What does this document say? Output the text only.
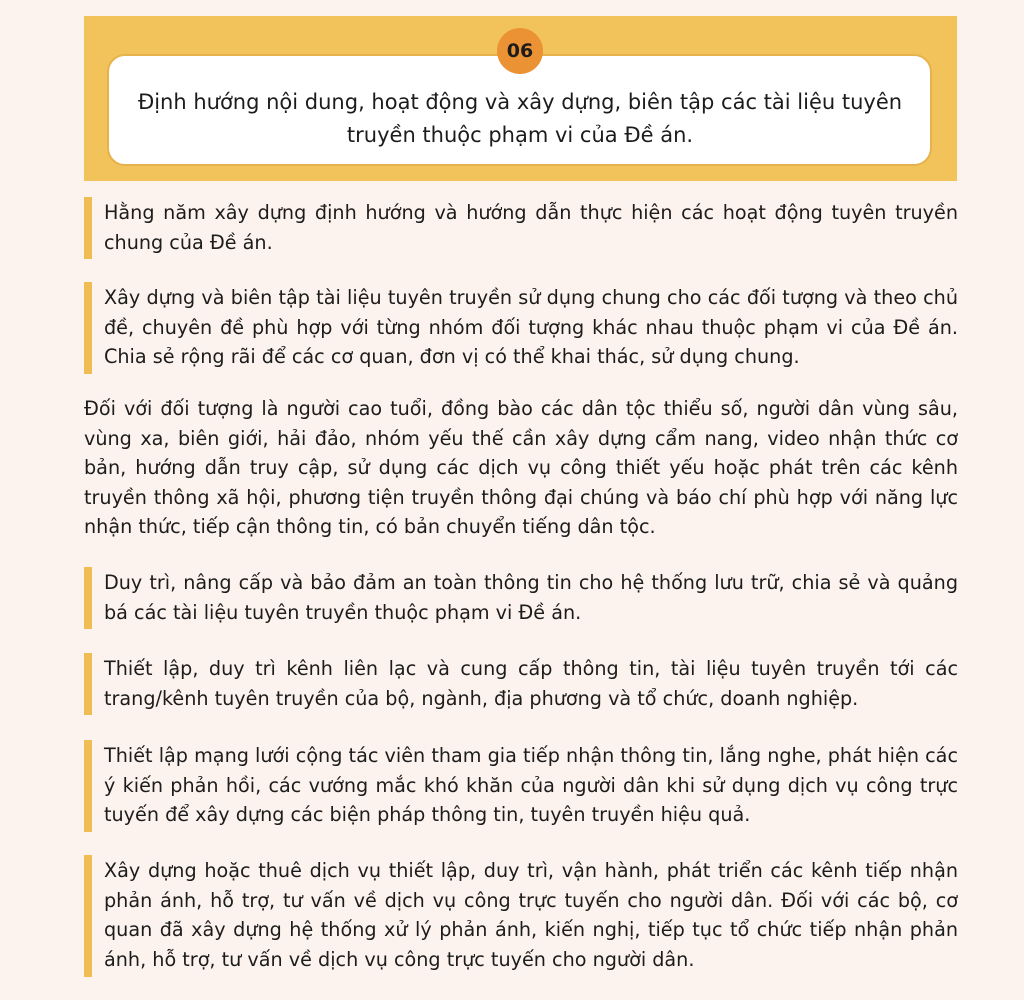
06
Định hướng nội dung, hoạt động và xây dựng, biên tập các tài liệu tuyên
truyền thuộc phạm vi của Đề án.
Hằng năm xây dựng định hướng và hướng dẫn thực hiện các hoạt động tuyên truyền chung của Đề án.
Xây dựng và biên tập tài liệu tuyên truyền sử dụng chung cho các đối tượng và theo chủ đề, chuyên đề phù hợp với từng nhóm đối tượng khác nhau thuộc phạm vi của Đề án. Chia sẻ rộng rãi để các cơ quan, đơn vị có thể khai thác, sử dụng chung.
Đối với đối tượng là người cao tuổi, đồng bào các dân tộc thiểu số, người dân vùng sâu, vùng xa, biên giới, hải đảo, nhóm yếu thế cần xây dựng cẩm nang, video nhận thức cơ bản, hướng dẫn truy cập, sử dụng các dịch vụ công thiết yếu hoặc phát trên các kênh truyền thông xã hội, phương tiện truyền thông đại chúng và báo chí phù hợp với năng lực nhận thức, tiếp cận thông tin, có bản chuyển tiếng dân tộc.
Duy trì, nâng cấp và bảo đảm an toàn thông tin cho hệ thống lưu trữ, chia sẻ và quảng bá các tài liệu tuyên truyền thuộc phạm vi Đề án.
Thiết lập, duy trì kênh liên lạc và cung cấp thông tin, tài liệu tuyên truyền tới các trang/kênh tuyên truyền của bộ, ngành, địa phương và tổ chức, doanh nghiệp.
Thiết lập mạng lưới cộng tác viên tham gia tiếp nhận thông tin, lắng nghe, phát hiện các ý kiến phản hồi, các vướng mắc khó khăn của người dân khi sử dụng dịch vụ công trực tuyến để xây dựng các biện pháp thông tin, tuyên truyền hiệu quả.
Xây dựng hoặc thuê dịch vụ thiết lập, duy trì, vận hành, phát triển các kênh tiếp nhận phản ánh, hỗ trợ, tư vấn về dịch vụ công trực tuyến cho người dân. Đối với các bộ, cơ quan đã xây dựng hệ thống xử lý phản ánh, kiến nghị, tiếp tục tổ chức tiếp nhận phản ánh, hỗ trợ, tư vấn về dịch vụ công trực tuyến cho người dân.
